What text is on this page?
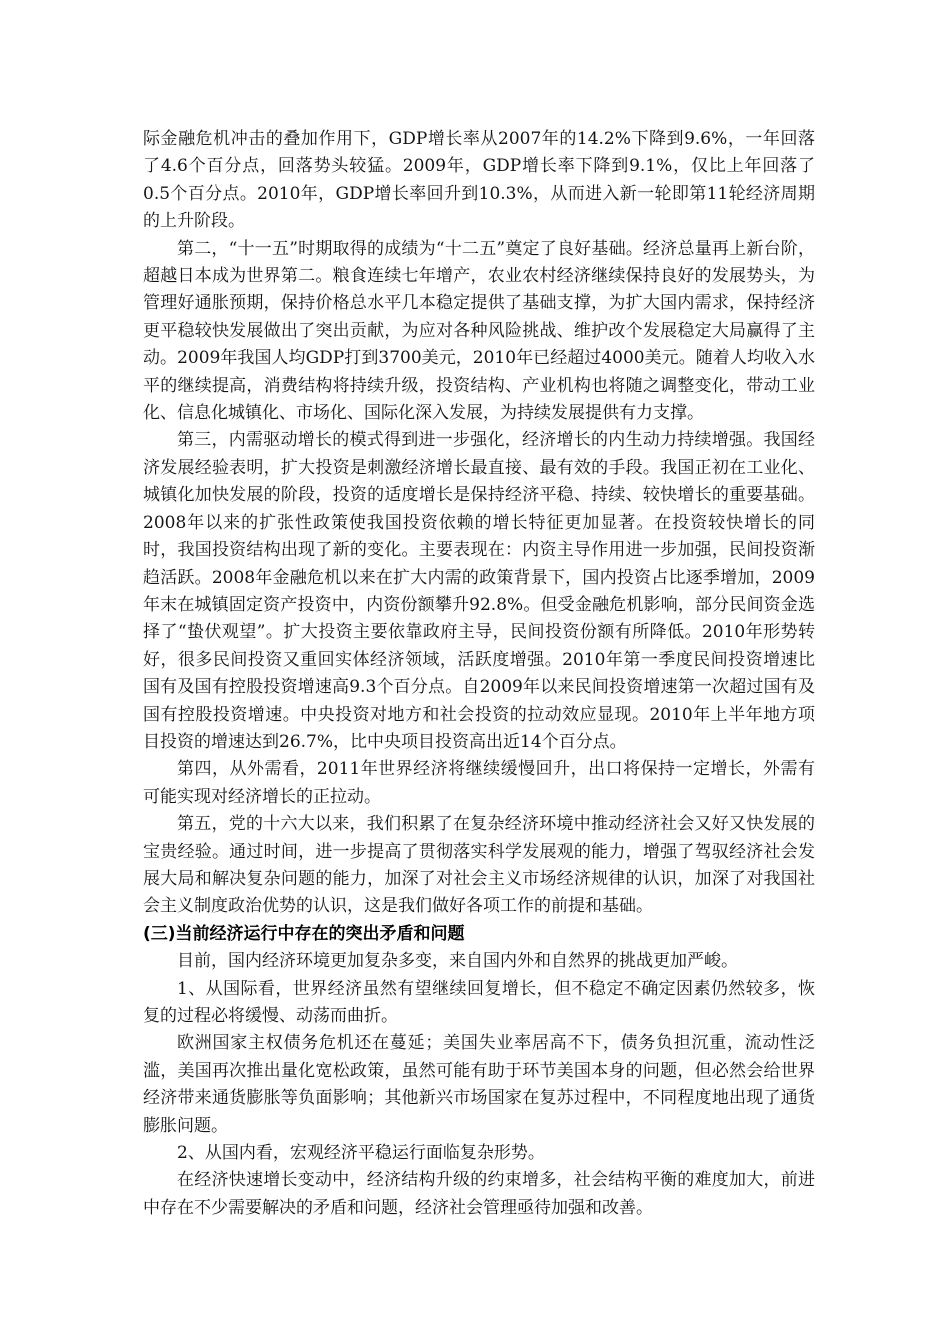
际金融危机冲击的叠加作用下，GDP增长率从2007年的14.2%下降到9.6%，一年回落了4.6个百分点，回落势头较猛。2009年，GDP增长率下降到9.1%，仅比上年回落了0.5个百分点。2010年，GDP增长率回升到10.3%，从而进入新一轮即第11轮经济周期的上升阶段。

第二，“十一五”时期取得的成绩为“十二五”奠定了良好基础。经济总量再上新台阶，超越日本成为世界第二。粮食连续七年增产，农业农村经济继续保持良好的发展势头，为管理好通胀预期，保持价格总水平几本稳定提供了基础支撑，为扩大国内需求，保持经济更平稳较快发展做出了突出贡献，为应对各种风险挑战、维护改个发展稳定大局赢得了主动。2009年我国人均GDP打到3700美元，2010年已经超过4000美元。随着人均收入水平的继续提高，消费结构将持续升级，投资结构、产业机构也将随之调整变化，带动工业化、信息化城镇化、市场化、国际化深入发展，为持续发展提供有力支撑。

第三，内需驱动增长的模式得到进一步强化，经济增长的内生动力持续增强。我国经济发展经验表明，扩大投资是刺激经济增长最直接、最有效的手段。我国正初在工业化、城镇化加快发展的阶段，投资的适度增长是保持经济平稳、持续、较快增长的重要基础。2008年以来的扩张性政策使我国投资依赖的增长特征更加显著。在投资较快增长的同时，我国投资结构出现了新的变化。主要表现在：内资主导作用进一步加强，民间投资渐趋活跃。2008年金融危机以来在扩大内需的政策背景下，国内投资占比逐季增加，2009年末在城镇固定资产投资中，内资份额攀升92.8%。但受金融危机影响，部分民间资金选择了“蛰伏观望”。扩大投资主要依靠政府主导，民间投资份额有所降低。2010年形势转好，很多民间投资又重回实体经济领域，活跃度增强。2010年第一季度民间投资增速比国有及国有控股投资增速高9.3个百分点。自2009年以来民间投资增速第一次超过国有及国有控股投资增速。中央投资对地方和社会投资的拉动效应显现。2010年上半年地方项目投资的增速达到26.7%，比中央项目投资高出近14个百分点。

第四，从外需看，2011年世界经济将继续缓慢回升，出口将保持一定增长，外需有可能实现对经济增长的正拉动。

第五，党的十六大以来，我们积累了在复杂经济环境中推动经济社会又好又快发展的宝贵经验。通过时间，进一步提高了贯彻落实科学发展观的能力，增强了驾驭经济社会发展大局和解决复杂问题的能力，加深了对社会主义市场经济规律的认识，加深了对我国社会主义制度政治优势的认识，这是我们做好各项工作的前提和基础。

(三)当前经济运行中存在的突出矛盾和问题

目前，国内经济环境更加复杂多变，来自国内外和自然界的挑战更加严峻。

1、从国际看，世界经济虽然有望继续回复增长，但不稳定不确定因素仍然较多，恢复的过程必将缓慢、动荡而曲折。

欧洲国家主权债务危机还在蔓延；美国失业率居高不下，债务负担沉重，流动性泛滥，美国再次推出量化宽松政策，虽然可能有助于环节美国本身的问题，但必然会给世界经济带来通货膨胀等负面影响；其他新兴市场国家在复苏过程中，不同程度地出现了通货膨胀问题。

2、从国内看，宏观经济平稳运行面临复杂形势。

在经济快速增长变动中，经济结构升级的约束增多，社会结构平衡的难度加大，前进中存在不少需要解决的矛盾和问题，经济社会管理亟待加强和改善。
